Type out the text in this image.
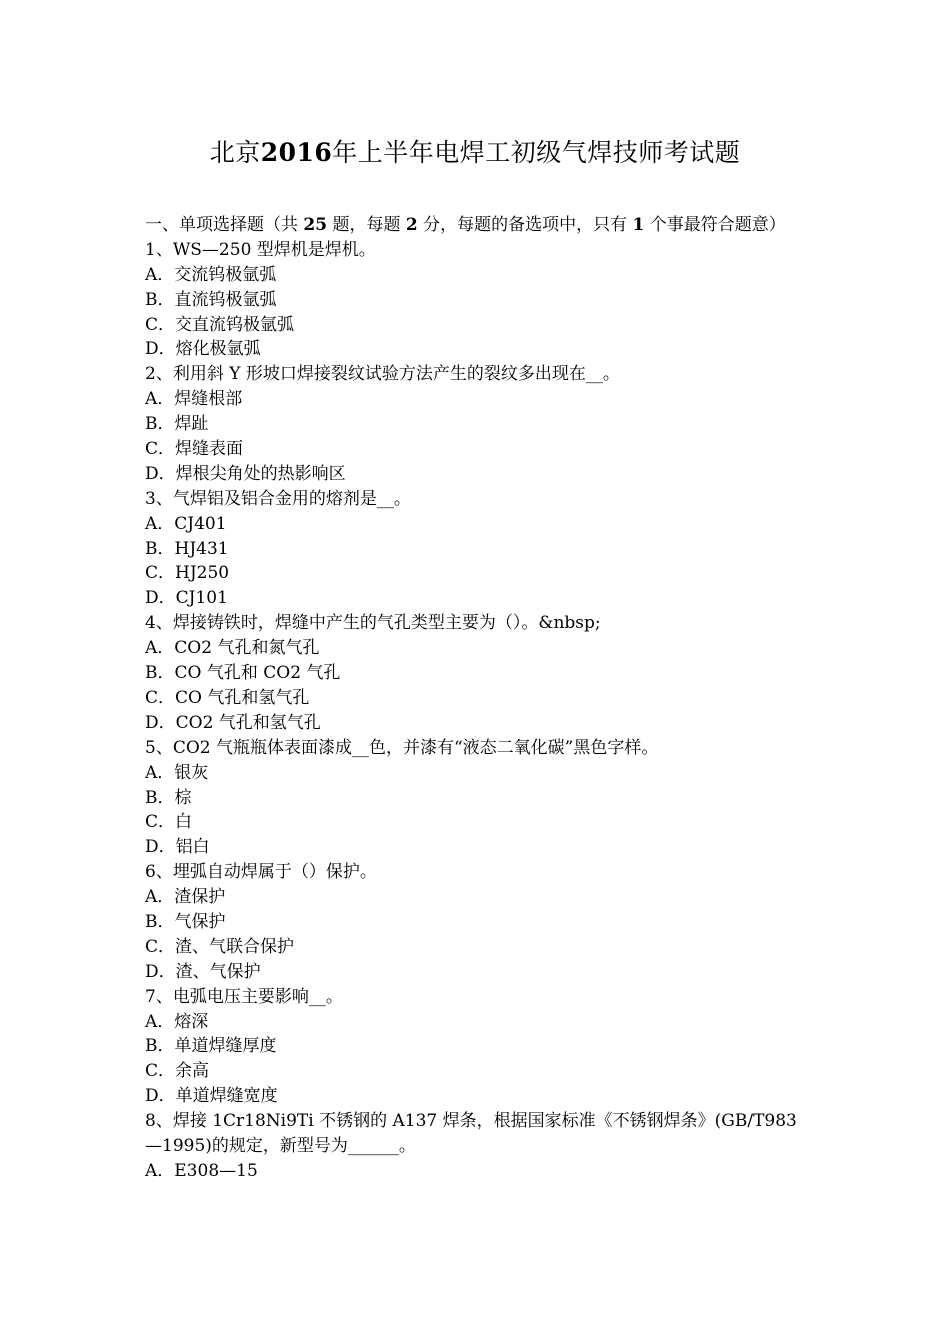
北京2016年上半年电焊工初级气焊技师考试题
一、单项选择题（共 25 题，每题 2 分，每题的备选项中，只有 1 个事最符合题意）
1、WS—250 型焊机是焊机。
A．交流钨极氩弧
B．直流钨极氩弧
C．交直流钨极氩弧
D．熔化极氩弧
2、利用斜 Y 形坡口焊接裂纹试验方法产生的裂纹多出现在__。
A．焊缝根部
B．焊趾
C．焊缝表面
D．焊根尖角处的热影响区
3、气焊铝及铝合金用的熔剂是__。
A．CJ401
B．HJ431
C．HJ250
D．CJ101
4、焊接铸铁时，焊缝中产生的气孔类型主要为（）。&nbsp;
A．CO2 气孔和氮气孔
B．CO 气孔和 CO2 气孔
C．CO 气孔和氢气孔
D．CO2 气孔和氢气孔
5、CO2 气瓶瓶体表面漆成__色，并漆有“液态二氧化碳”黑色字样。
A．银灰
B．棕
C．白
D．铝白
6、埋弧自动焊属于（）保护。
A．渣保护
B．气保护
C．渣、气联合保护
D．渣、气保护
7、电弧电压主要影响__。
A．熔深
B．单道焊缝厚度
C．余高
D．单道焊缝宽度
8、焊接 1Cr18Ni9Ti 不锈钢的 A137 焊条，根据国家标准《不锈钢焊条》(GB/T983—1995)的规定，新型号为______。
A．E308—15
